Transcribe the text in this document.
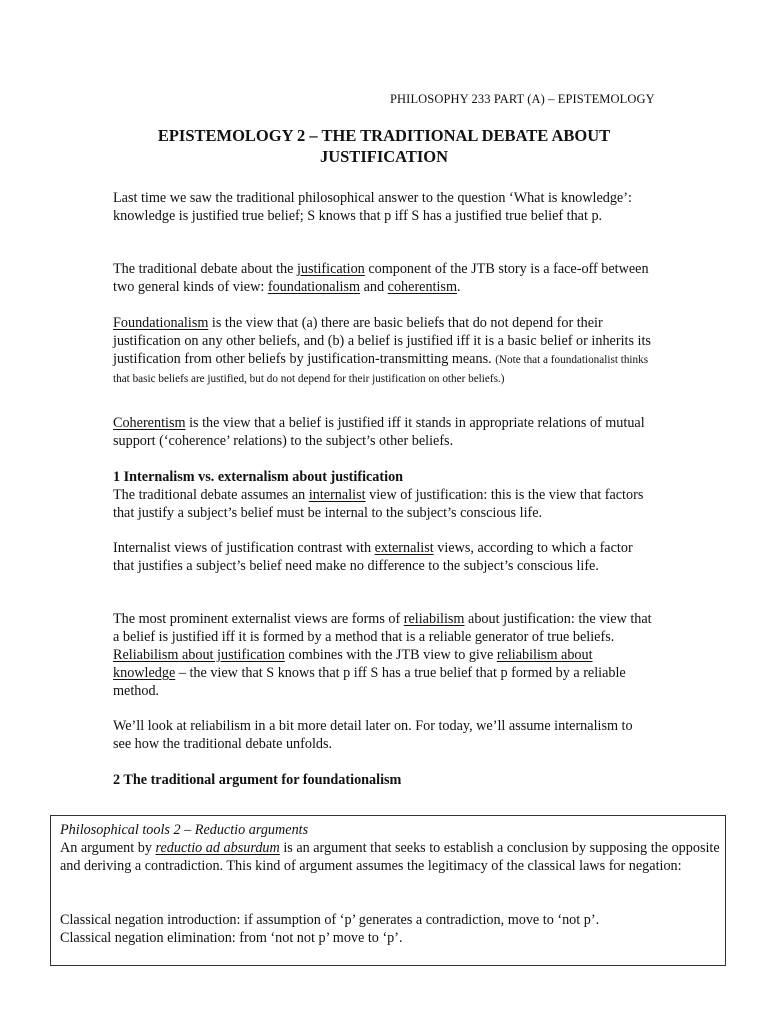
PHILOSOPHY 233 PART (A) – EPISTEMOLOGY
EPISTEMOLOGY 2 – THE TRADITIONAL DEBATE ABOUT JUSTIFICATION
Last time we saw the traditional philosophical answer to the question ‘What is knowledge’: knowledge is justified true belief; S knows that p iff S has a justified true belief that p.
The traditional debate about the justification component of the JTB story is a face-off between two general kinds of view: foundationalism and coherentism.
Foundationalism is the view that (a) there are basic beliefs that do not depend for their justification on any other beliefs, and (b) a belief is justified iff it is a basic belief or inherits its justification from other beliefs by justification-transmitting means. (Note that a foundationalist thinks that basic beliefs are justified, but do not depend for their justification on other beliefs.)
Coherentism is the view that a belief is justified iff it stands in appropriate relations of mutual support (‘coherence’ relations) to the subject’s other beliefs.
1 Internalism vs. externalism about justification
The traditional debate assumes an internalist view of justification: this is the view that factors that justify a subject’s belief must be internal to the subject’s conscious life.
Internalist views of justification contrast with externalist views, according to which a factor that justifies a subject’s belief need make no difference to the subject’s conscious life.
The most prominent externalist views are forms of reliabilism about justification: the view that a belief is justified iff it is formed by a method that is a reliable generator of true beliefs. Reliabilism about justification combines with the JTB view to give reliabilism about knowledge – the view that S knows that p iff S has a true belief that p formed by a reliable method.
We’ll look at reliabilism in a bit more detail later on. For today, we’ll assume internalism to see how the traditional debate unfolds.
2 The traditional argument for foundationalism
Philosophical tools 2 – Reductio arguments
An argument by reductio ad absurdum is an argument that seeks to establish a conclusion by supposing the opposite and deriving a contradiction. This kind of argument assumes the legitimacy of the classical laws for negation:
Classical negation introduction: if assumption of ‘p’ generates a contradiction, move to ‘not p’.
Classical negation elimination: from ‘not not p’ move to ‘p’.
